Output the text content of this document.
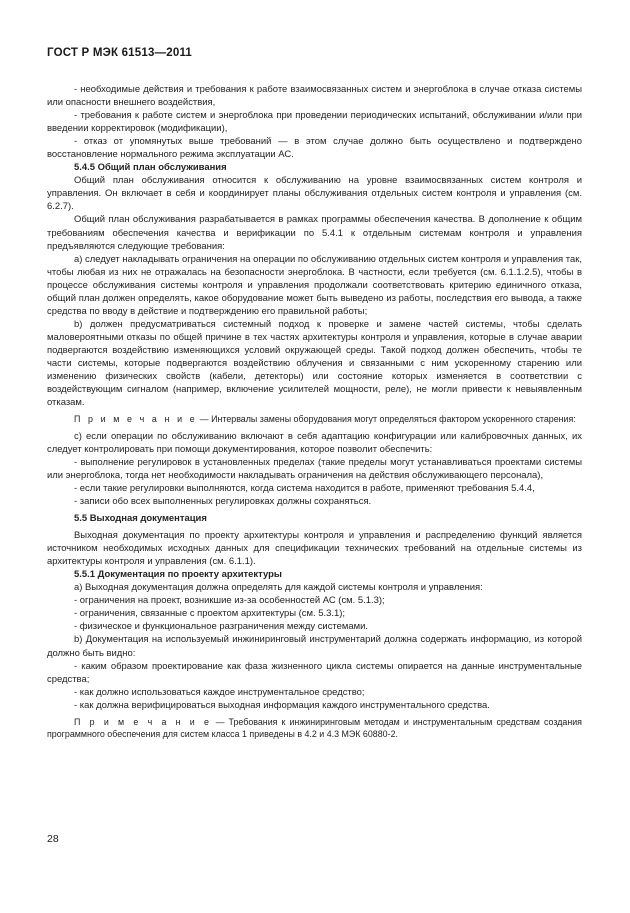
ГОСТ Р МЭК 61513—2011

- необходимые действия и требования к работе взаимосвязанных систем и энергоблока в случае отказа системы или опасности внешнего воздействия,

- требования к работе систем и энергоблока при проведении периодических испытаний, обслуживании и/или при введении корректировок (модификации),

- отказ от упомянутых выше требований — в этом случае должно быть осуществлено и подтверждено восстановление нормального режима эксплуатации АС.

5.4.5 Общий план обслуживания

Общий план обслуживания относится к обслуживанию на уровне взаимосвязанных систем контроля и управления. Он включает в себя и координирует планы обслуживания отдельных систем контроля и управления (см. 6.2.7).

Общий план обслуживания разрабатывается в рамках программы обеспечения качества. В дополнение к общим требованиям обеспечения качества и верификации по 5.4.1 к отдельным системам контроля и управления предъявляются следующие требования:

a) следует накладывать ограничения на операции по обслуживанию отдельных систем контроля и управления так, чтобы любая из них не отражалась на безопасности энергоблока. В частности, если требуется (см. 6.1.1.2.5), чтобы в процессе обслуживания системы контроля и управления продолжали соответствовать критерию единичного отказа, общий план должен определять, какое оборудование может быть выведено из работы, последствия его вывода, а также средства по вводу в действие и подтверждению его правильной работы;

b) должен предусматриваться системный подход к проверке и замене частей системы, чтобы сделать маловероятными отказы по общей причине в тех частях архитектуры контроля и управления, которые в случае аварии подвергаются воздействию изменяющихся условий окружающей среды. Такой подход должен обеспечить, чтобы те части системы, которые подвергаются воздействию облучения и связанными с ним ускоренному старению или изменению физических свойств (кабели, детекторы) или состояние которых изменяется в соответствии с воздействующим сигналом (например, включение усилителей мощности, реле), не могли привести к невыявленным отказам.

П р и м е ч а н и е — Интервалы замены оборудования могут определяться фактором ускоренного старения:

c) если операции по обслуживанию включают в себя адаптацию конфигурации или калибровочных данных, их следует контролировать при помощи документирования, которое позволит обеспечить:

- выполнение регулировок в установленных пределах (такие пределы могут устанавливаться проектами системы или энергоблока, тогда нет необходимости накладывать ограничения на действия обслуживающего персонала),

- если такие регулировки выполняются, когда система находится в работе, применяют требования 5.4.4,

- записи обо всех выполненных регулировках должны сохраняться.

5.5 Выходная документация

Выходная документация по проекту архитектуры контроля и управления и распределению функций является источником необходимых исходных данных для спецификации технических требований на отдельные системы из архитектуры контроля и управления (см. 6.1.1).

5.5.1 Документация по проекту архитектуры

a) Выходная документация должна определять для каждой системы контроля и управления:

- ограничения на проект, возникшие из-за особенностей АС (см. 5.1.3);

- ограничения, связанные с проектом архитектуры (см. 5.3.1);

- физическое и функциональное разграничения между системами.

b) Документация на используемый инжиниринговый инструментарий должна содержать информацию, из которой должно быть видно:

- каким образом проектирование как фаза жизненного цикла системы опирается на данные инструментальные средства;

- как должно использоваться каждое инструментальное средство;

- как должна верифицироваться выходная информация каждого инструментального средства.

П р и м е ч а н и е — Требования к инжиниринговым методам и инструментальным средствам создания программного обеспечения для систем класса 1 приведены в 4.2 и 4.3 МЭК 60880-2.

28
